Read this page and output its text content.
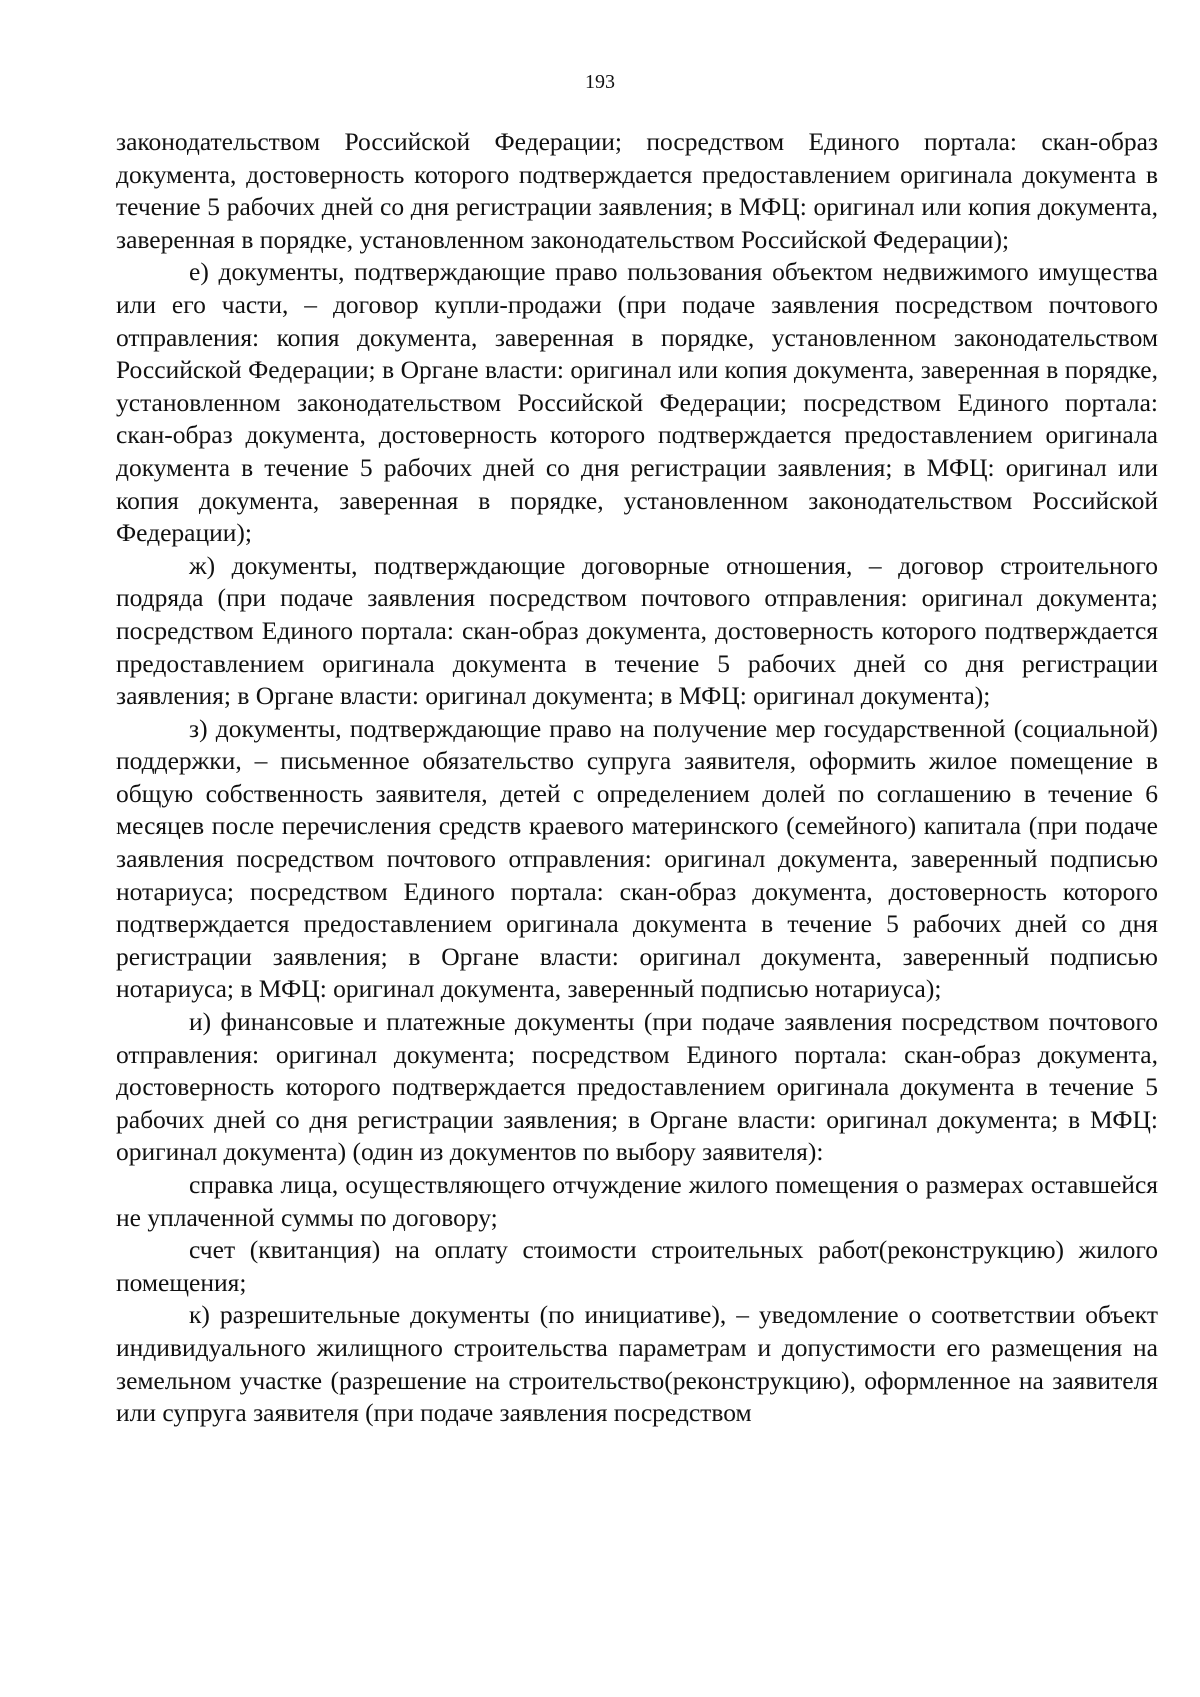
193

законодательством Российской Федерации; посредством Единого портала: скан-образ документа, достоверность которого подтверждается предоставлением оригинала документа в течение 5 рабочих дней со дня регистрации заявления; в МФЦ: оригинал или копия документа, заверенная в порядке, установленном законодательством Российской Федерации);

е) документы, подтверждающие право пользования объектом недвижимого имущества или его части, – договор купли-продажи (при подаче заявления посредством почтового отправления: копия документа, заверенная в порядке, установленном законодательством Российской Федерации; в Органе власти: оригинал или копия документа, заверенная в порядке, установленном законодательством Российской Федерации; посредством Единого портала: скан-образ документа, достоверность которого подтверждается предоставлением оригинала документа в течение 5 рабочих дней со дня регистрации заявления; в МФЦ: оригинал или копия документа, заверенная в порядке, установленном законодательством Российской Федерации);

ж) документы, подтверждающие договорные отношения, – договор строительного подряда (при подаче заявления посредством почтового отправления: оригинал документа; посредством Единого портала: скан-образ документа, достоверность которого подтверждается предоставлением оригинала документа в течение 5 рабочих дней со дня регистрации заявления; в Органе власти: оригинал документа; в МФЦ: оригинал документа);

з) документы, подтверждающие право на получение мер государственной (социальной) поддержки, – письменное обязательство супруга заявителя, оформить жилое помещение в общую собственность заявителя, детей с определением долей по соглашению в течение 6 месяцев после перечисления средств краевого материнского (семейного) капитала (при подаче заявления посредством почтового отправления: оригинал документа, заверенный подписью нотариуса; посредством Единого портала: скан-образ документа, достоверность которого подтверждается предоставлением оригинала документа в течение 5 рабочих дней со дня регистрации заявления; в Органе власти: оригинал документа, заверенный подписью нотариуса; в МФЦ: оригинал документа, заверенный подписью нотариуса);

и) финансовые и платежные документы (при подаче заявления посредством почтового отправления: оригинал документа; посредством Единого портала: скан-образ документа, достоверность которого подтверждается предоставлением оригинала документа в течение 5 рабочих дней со дня регистрации заявления; в Органе власти: оригинал документа; в МФЦ: оригинал документа) (один из документов по выбору заявителя):

справка лица, осуществляющего отчуждение жилого помещения о размерах оставшейся не уплаченной суммы по договору;

счет (квитанция) на оплату стоимости строительных работ(реконструкцию) жилого помещения;

к) разрешительные документы (по инициативе), – уведомление о соответствии объект индивидуального жилищного строительства параметрам и допустимости его размещения на земельном участке (разрешение на строительство(реконструкцию), оформленное на заявителя или супруга заявителя (при подаче заявления посредством
